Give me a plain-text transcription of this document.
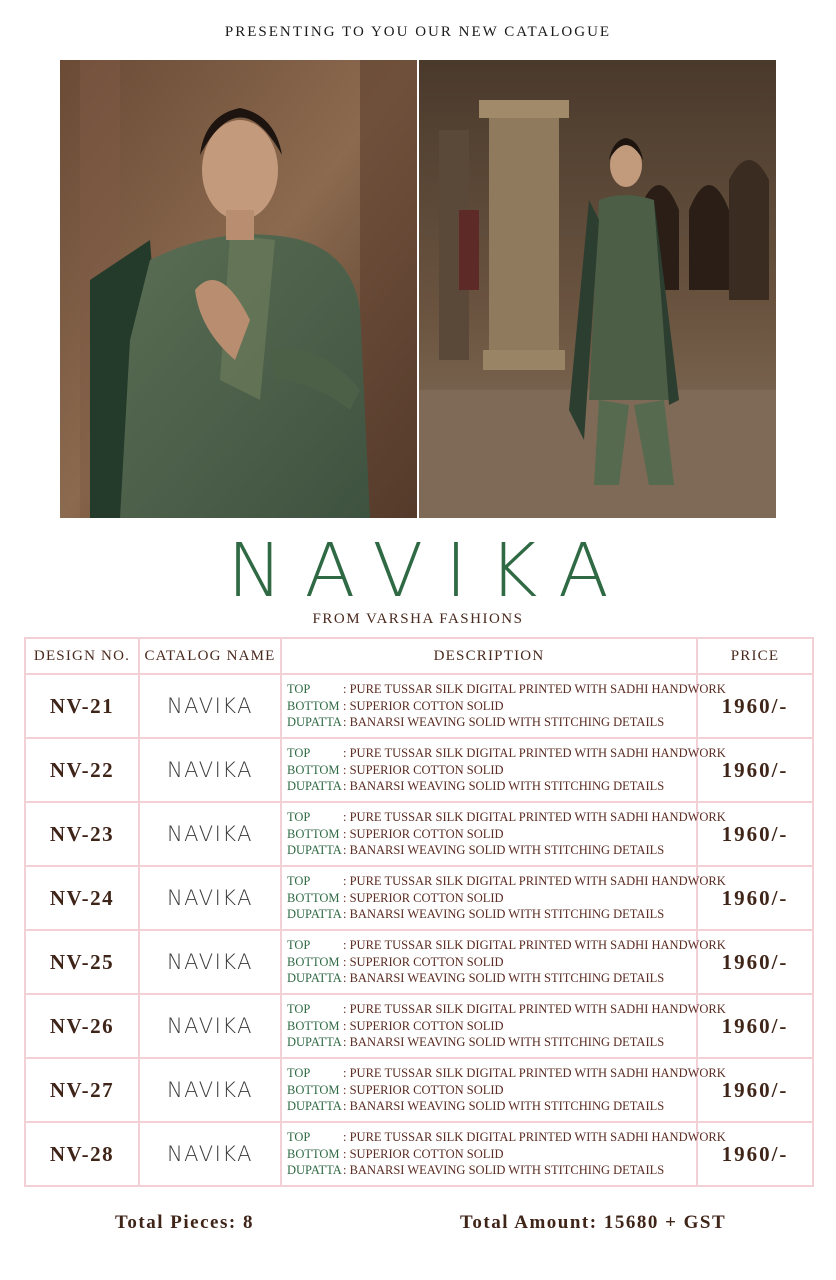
PRESENTING TO YOU OUR NEW CATALOGUE
NAVIKA
FROM VARSHA FASHIONS
DESIGN NO.	CATALOG NAME	DESCRIPTION	PRICE
NV-21	NAVIKA	TOP : PURE TUSSAR SILK DIGITAL PRINTED WITH SADHI HANDWORK
BOTTOM : SUPERIOR COTTON SOLID
DUPATTA: BANARSI WEAVING SOLID WITH STITCHING DETAILS	1960/-
NV-22	NAVIKA	TOP : PURE TUSSAR SILK DIGITAL PRINTED WITH SADHI HANDWORK
BOTTOM : SUPERIOR COTTON SOLID
DUPATTA: BANARSI WEAVING SOLID WITH STITCHING DETAILS	1960/-
NV-23	NAVIKA	TOP : PURE TUSSAR SILK DIGITAL PRINTED WITH SADHI HANDWORK
BOTTOM : SUPERIOR COTTON SOLID
DUPATTA: BANARSI WEAVING SOLID WITH STITCHING DETAILS	1960/-
NV-24	NAVIKA	TOP : PURE TUSSAR SILK DIGITAL PRINTED WITH SADHI HANDWORK
BOTTOM : SUPERIOR COTTON SOLID
DUPATTA: BANARSI WEAVING SOLID WITH STITCHING DETAILS	1960/-
NV-25	NAVIKA	TOP : PURE TUSSAR SILK DIGITAL PRINTED WITH SADHI HANDWORK
BOTTOM : SUPERIOR COTTON SOLID
DUPATTA: BANARSI WEAVING SOLID WITH STITCHING DETAILS	1960/-
NV-26	NAVIKA	TOP : PURE TUSSAR SILK DIGITAL PRINTED WITH SADHI HANDWORK
BOTTOM : SUPERIOR COTTON SOLID
DUPATTA: BANARSI WEAVING SOLID WITH STITCHING DETAILS	1960/-
NV-27	NAVIKA	TOP : PURE TUSSAR SILK DIGITAL PRINTED WITH SADHI HANDWORK
BOTTOM : SUPERIOR COTTON SOLID
DUPATTA: BANARSI WEAVING SOLID WITH STITCHING DETAILS	1960/-
NV-28	NAVIKA	TOP : PURE TUSSAR SILK DIGITAL PRINTED WITH SADHI HANDWORK
BOTTOM : SUPERIOR COTTON SOLID
DUPATTA: BANARSI WEAVING SOLID WITH STITCHING DETAILS	1960/-
Total Pieces: 8	Total Amount: 15680 + GST
